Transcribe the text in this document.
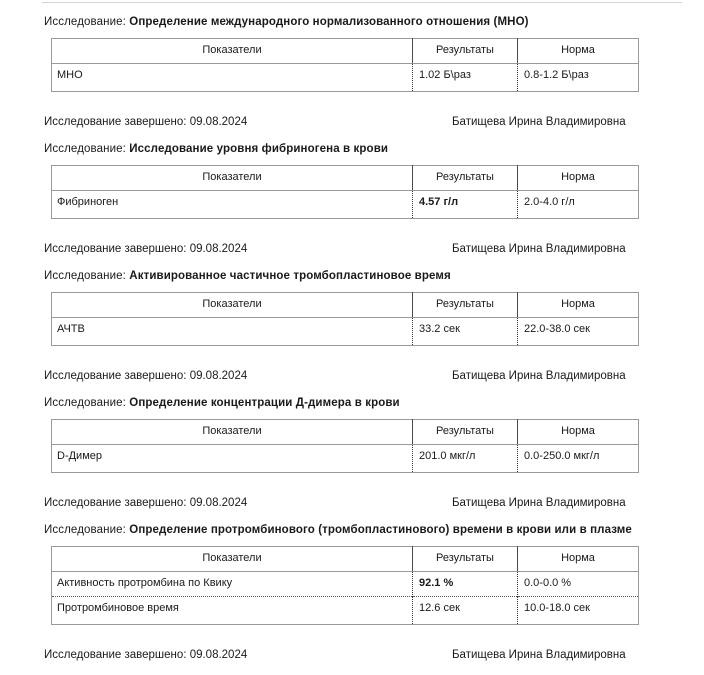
Исследование: Определение международного нормализованного отношения (МНО)
Показатели	Результаты	Норма
МНО	1.02 Б\раз	0.8-1.2 Б\раз
Исследование завершено: 09.08.2024	Батищева Ирина Владимировна
Исследование: Исследование уровня фибриногена в крови
Показатели	Результаты	Норма
Фибриноген	4.57 г/л	2.0-4.0 г/л
Исследование завершено: 09.08.2024	Батищева Ирина Владимировна
Исследование: Активированное частичное тромбопластиновое время
Показатели	Результаты	Норма
АЧТВ	33.2 сек	22.0-38.0 сек
Исследование завершено: 09.08.2024	Батищева Ирина Владимировна
Исследование: Определение концентрации Д-димера в крови
Показатели	Результаты	Норма
D-Димер	201.0 мкг/л	0.0-250.0 мкг/л
Исследование завершено: 09.08.2024	Батищева Ирина Владимировна
Исследование: Определение протромбинового (тромбопластинового) времени в крови или в плазме
Показатели	Результаты	Норма
Активность протромбина по Квику	92.1 %	0.0-0.0 %
Протромбиновое время	12.6 сек	10.0-18.0 сек
Исследование завершено: 09.08.2024	Батищева Ирина Владимировна
